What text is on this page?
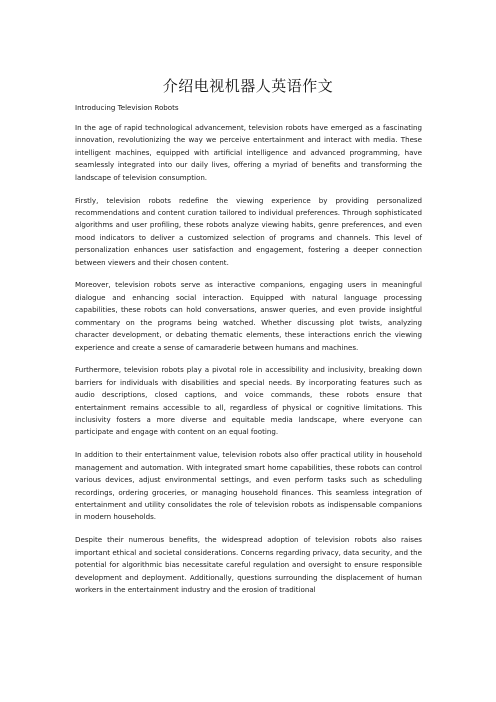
介绍电视机器人英语作文
Introducing Television Robots

In the age of rapid technological advancement, television robots have emerged as a fascinating innovation, revolutionizing the way we perceive entertainment and interact with media. These intelligent machines, equipped with artificial intelligence and advanced programming, have seamlessly integrated into our daily lives, offering a myriad of benefits and transforming the landscape of television consumption.

Firstly, television robots redefine the viewing experience by providing personalized recommendations and content curation tailored to individual preferences. Through sophisticated algorithms and user profiling, these robots analyze viewing habits, genre preferences, and even mood indicators to deliver a customized selection of programs and channels. This level of personalization enhances user satisfaction and engagement, fostering a deeper connection between viewers and their chosen content.

Moreover, television robots serve as interactive companions, engaging users in meaningful dialogue and enhancing social interaction. Equipped with natural language processing capabilities, these robots can hold conversations, answer queries, and even provide insightful commentary on the programs being watched. Whether discussing plot twists, analyzing character development, or debating thematic elements, these interactions enrich the viewing experience and create a sense of camaraderie between humans and machines.

Furthermore, television robots play a pivotal role in accessibility and inclusivity, breaking down barriers for individuals with disabilities and special needs. By incorporating features such as audio descriptions, closed captions, and voice commands, these robots ensure that entertainment remains accessible to all, regardless of physical or cognitive limitations. This inclusivity fosters a more diverse and equitable media landscape, where everyone can participate and engage with content on an equal footing.

In addition to their entertainment value, television robots also offer practical utility in household management and automation. With integrated smart home capabilities, these robots can control various devices, adjust environmental settings, and even perform tasks such as scheduling recordings, ordering groceries, or managing household finances. This seamless integration of entertainment and utility consolidates the role of television robots as indispensable companions in modern households.

Despite their numerous benefits, the widespread adoption of television robots also raises important ethical and societal considerations. Concerns regarding privacy, data security, and the potential for algorithmic bias necessitate careful regulation and oversight to ensure responsible development and deployment. Additionally, questions surrounding the displacement of human workers in the entertainment industry and the erosion of traditional
